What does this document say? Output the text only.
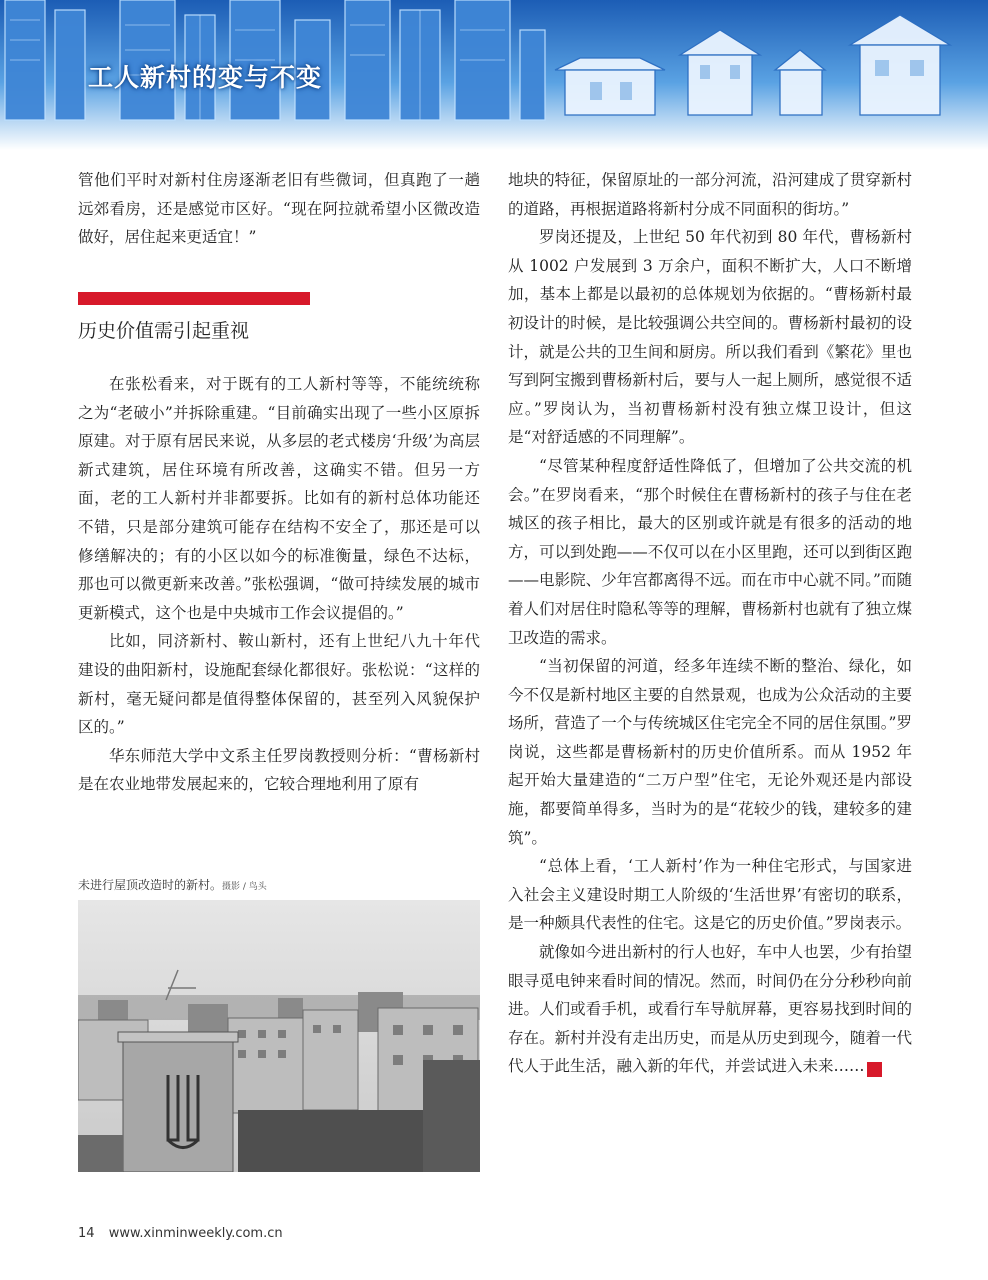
工人新村的变与不变

管他们平时对新村住房逐渐老旧有些微词，但真跑了一趟远郊看房，还是感觉市区好。“现在阿拉就希望小区微改造做好，居住起来更适宜！”

历史价值需引起重视

在张松看来，对于既有的工人新村等等，不能统统称之为“老破小”并拆除重建。“目前确实出现了一些小区原拆原建。对于原有居民来说，从多层的老式楼房‘升级’为高层新式建筑，居住环境有所改善，这确实不错。但另一方面，老的工人新村并非都要拆。比如有的新村总体功能还不错，只是部分建筑可能存在结构不安全了，那还是可以修缮解决的；有的小区以如今的标准衡量，绿色不达标，那也可以微更新来改善。”张松强调，“做可持续发展的城市更新模式，这个也是中央城市工作会议提倡的。”

比如，同济新村、鞍山新村，还有上世纪八九十年代建设的曲阳新村，设施配套绿化都很好。张松说：“这样的新村，毫无疑问都是值得整体保留的，甚至列入风貌保护区的。”

华东师范大学中文系主任罗岗教授则分析：“曹杨新村是在农业地带发展起来的，它较合理地利用了原有

未进行屋顶改造时的新村。摄影 / 鸟头

地块的特征，保留原址的一部分河流，沿河建成了贯穿新村的道路，再根据道路将新村分成不同面积的街坊。”

罗岗还提及，上世纪 50 年代初到 80 年代，曹杨新村从 1002 户发展到 3 万余户，面积不断扩大，人口不断增加，基本上都是以最初的总体规划为依据的。“曹杨新村最初设计的时候，是比较强调公共空间的。曹杨新村最初的设计，就是公共的卫生间和厨房。所以我们看到《繁花》里也写到阿宝搬到曹杨新村后，要与人一起上厕所，感觉很不适应。”罗岗认为，当初曹杨新村没有独立煤卫设计，但这是“对舒适感的不同理解”。

“尽管某种程度舒适性降低了，但增加了公共交流的机会。”在罗岗看来，“那个时候住在曹杨新村的孩子与住在老城区的孩子相比，最大的区别或许就是有很多的活动的地方，可以到处跑——不仅可以在小区里跑，还可以到街区跑——电影院、少年宫都离得不远。而在市中心就不同。”而随着人们对居住时隐私等等的理解，曹杨新村也就有了独立煤卫改造的需求。

“当初保留的河道，经多年连续不断的整治、绿化，如今不仅是新村地区主要的自然景观，也成为公众活动的主要场所，营造了一个与传统城区住宅完全不同的居住氛围。”罗岗说，这些都是曹杨新村的历史价值所系。而从 1952 年起开始大量建造的“二万户型”住宅，无论外观还是内部设施，都要简单得多，当时为的是“花较少的钱，建较多的建筑”。

“总体上看，‘工人新村’作为一种住宅形式，与国家进入社会主义建设时期工人阶级的‘生活世界’有密切的联系，是一种颇具代表性的住宅。这是它的历史价值。”罗岗表示。

就像如今进出新村的行人也好，车中人也罢，少有抬望眼寻觅电钟来看时间的情况。然而，时间仍在分分秒秒向前进。人们或看手机，或看行车导航屏幕，更容易找到时间的存在。新村并没有走出历史，而是从历史到现今，随着一代代人于此生活，融入新的年代，并尝试进入未来……	民

14 www.xinminweekly.com.cn
